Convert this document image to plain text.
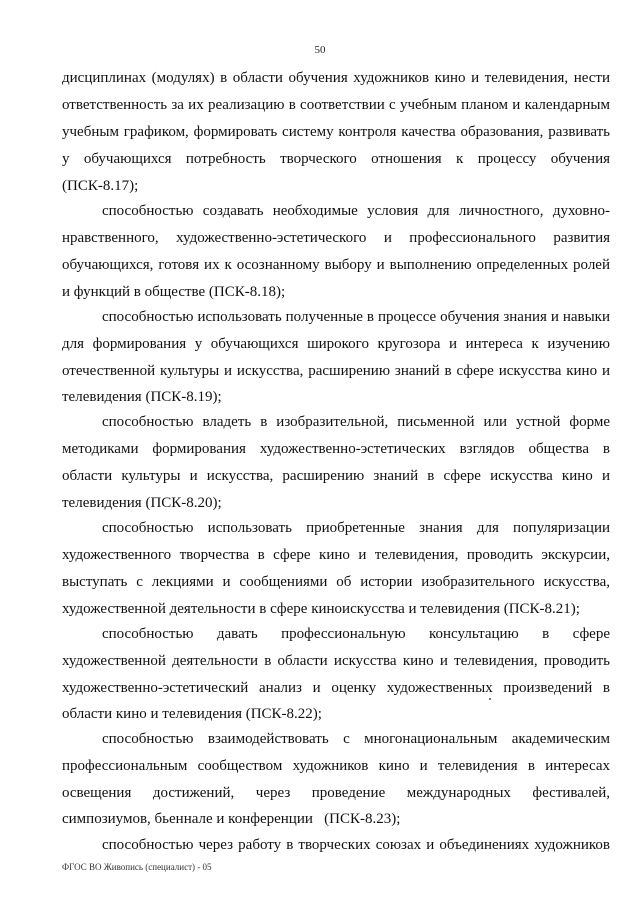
50
дисциплинах (модулях) в области обучения художников кино и телевидения, нести
ответственность за их реализацию в соответствии с учебным планом и календарным
учебным графиком, формировать систему контроля качества образования, развивать
у обучающихся потребность творческого отношения к процессу обучения
(ПСК-8.17);
способностью создавать необходимые условия для личностного, духовно-
нравственного, художественно-эстетического и профессионального развития
обучающихся, готовя их к осознанному выбору и выполнению определенных ролей
и функций в обществе (ПСК-8.18);
способностью использовать полученные в процессе обучения знания и навыки
для формирования у обучающихся широкого кругозора и интереса к изучению
отечественной культуры и искусства, расширению знаний в сфере искусства кино и
телевидения (ПСК-8.19);
способностью владеть в изобразительной, письменной или устной форме
методиками формирования художественно-эстетических взглядов общества в
области культуры и искусства, расширению знаний в сфере искусства кино и
телевидения (ПСК-8.20);
способностью использовать приобретенные знания для популяризации
художественного творчества в сфере кино и телевидения, проводить экскурсии,
выступать с лекциями и сообщениями об истории изобразительного искусства,
художественной деятельности в сфере киноискусства и телевидения (ПСК-8.21);
способностью давать профессиональную консультацию в сфере
художественной деятельности в области искусства кино и телевидения, проводить
художественно-эстетический анализ и оценку художественных произведений в
области кино и телевидения (ПСК-8.22);
способностью взаимодействовать с многонациональным академическим
профессиональным сообществом художников кино и телевидения в интересах
освещения достижений, через проведение международных фестивалей,
симпозиумов, бьеннале и конференции   (ПСК-8.23);
способностью через работу в творческих союзах и объединениях художников
ФГОС ВО Живопись (специалист) - 05
